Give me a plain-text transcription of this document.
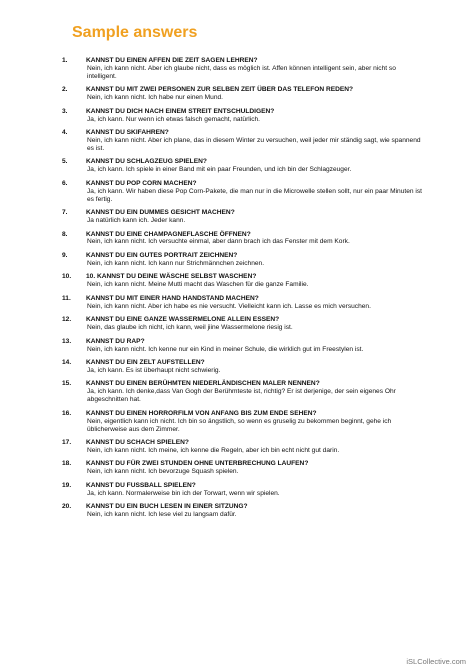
Sample answers
1.	KANNST DU EINEN AFFEN DIE ZEIT SAGEN LEHREN?
Nein, ich kann nicht. Aber ich glaube nicht, dass es möglich ist. Affen können intelligent sein, aber nicht so intelligent.
2.	KANNST DU MIT ZWEI PERSONEN ZUR SELBEN ZEIT ÜBER DAS TELEFON REDEN?
Nein, ich kann nicht. Ich habe nur einen Mund.
3.	KANNST DU DICH NACH EINEM STREIT ENTSCHULDIGEN?
Ja, ich kann. Nur wenn ich etwas falsch gemacht, natürlich.
4.	KANNST DU SKIFAHREN?
Nein, ich kann nicht. Aber ich plane, das in diesem Winter zu versuchen, weil jeder mir ständig sagt, wie spannend es ist.
5.	KANNST DU SCHLAGZEUG SPIELEN?
Ja, ich kann. Ich spiele in einer Band mit ein paar Freunden, und ich bin der Schlagzeuger.
6.	KANNST DU POP CORN MACHEN?
Ja, ich kann. Wir haben diese Pop Corn-Pakete, die man nur in die Microwelle stellen sollt, nur ein paar Minuten ist es fertig.
7.	KANNST DU EIN DUMMES GESICHT MACHEN?
Ja natürlich kann ich. Jeder kann.
8.	KANNST DU EINE CHAMPAGNEFLASCHE ÖFFNEN?
Nein, ich kann nicht. Ich versuchte einmal, aber dann brach ich das Fenster mit dem Kork.
9.	KANNST DU EIN GUTES PORTRAIT ZEICHNEN?
Nein, ich kann nicht. Ich kann nur Strichmännchen zeichnen.
10.	10. KANNST DU DEINE WÄSCHE SELBST WASCHEN?
Nein, ich kann nicht. Meine Mutti macht das Waschen für die ganze Familie.
11.	KANNST DU MIT EINER HAND HANDSTAND MACHEN?
Nein, ich kann nicht. Aber ich habe es nie versucht. Vielleicht kann ich. Lasse es mich versuchen.
12.	KANNST DU EINE GANZE WASSERMELONE ALLEIN ESSEN?
Nein, das glaube ich nicht, ich kann, weil jiine Wassermelone riesig ist.
13.	KANNST DU RAP?
Nein, ich kann nicht. Ich kenne nur ein Kind in meiner Schule, die wirklich gut im Freestylen ist.
14.	KANNST DU EIN ZELT AUFSTELLEN?
Ja, ich kann. Es ist überhaupt nicht schwierig.
15.	KANNST DU EINEN BERÜHMTEN NIEDERLÄNDISCHEN MALER NENNEN?
Ja, ich kann. Ich denke,dass Van Gogh der Berühmteste ist, richtig? Er ist derjenige, der sein eigenes Ohr abgeschnitten hat.
16.	KANNST DU EINEN HORRORFILM VON ANFANG BIS ZUM ENDE SEHEN?
Nein, eigentlich kann ich nicht. Ich bin so ängstlich, so wenn es gruselig zu bekommen beginnt, gehe ich üblicherweise aus dem Zimmer.
17.	KANNST DU SCHACH SPIELEN?
Nein, ich kann nicht. Ich meine, ich kenne die Regeln, aber ich bin echt nicht gut darin.
18.	KANNST DU FÜR ZWEI STUNDEN OHNE UNTERBRECHUNG LAUFEN?
Nein, ich kann nicht. Ich bevorzuge Squash spielen.
19.	KANNST DU FUSSBALL SPIELEN?
Ja, ich kann. Normalerweise bin ich der Torwart, wenn wir spielen.
20.	KANNST DU EIN BUCH LESEN IN EINER SITZUNG?
Nein, ich kann nicht. Ich lese viel zu langsam dafür.
iSLCollective.com
